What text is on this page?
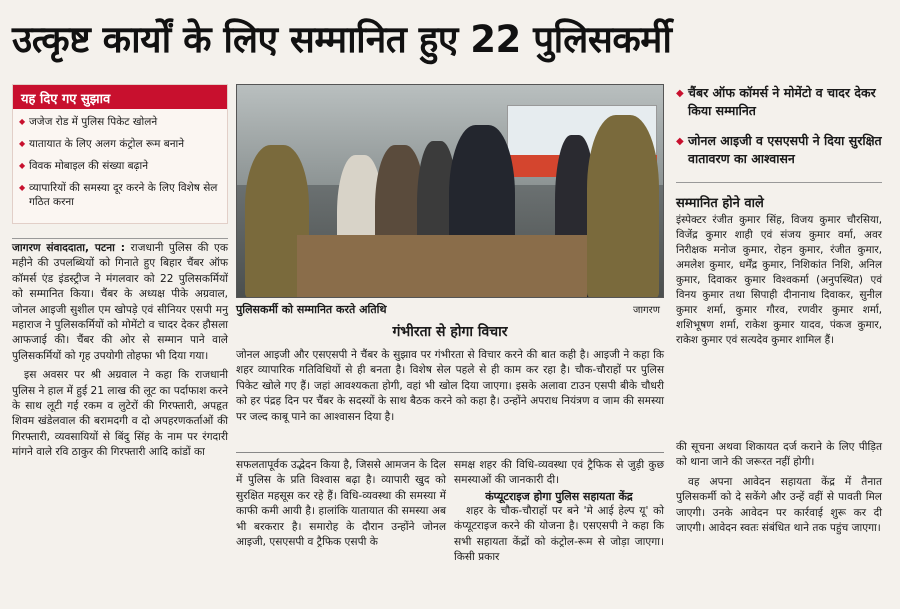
उत्कृष्ट कार्यों के लिए सम्मानित हुए 22 पुलिसकर्मी
यह दिए गए सुझाव
◆ जजेज रोड में पुलिस पिकेट खोलने
◆ यातायात के लिए अलग कंट्रोल रूम बनाने
◆ विवक मोबाइल की संख्या बढ़ाने
◆ व्यापारियों की समस्या दूर करने के लिए विशेष सेल गठित करना

जागरण संवाददाता, पटना : राजधानी पुलिस की एक महीने की उपलब्धियों को गिनाते हुए बिहार चैंबर ऑफ कॉमर्स एंड इंडस्ट्रीज ने मंगलवार को 22 पुलिसकर्मियों को सम्मानित किया। चैंबर के अध्यक्ष पीके अग्रवाल, जोनल आइजी सुशील एम खोपड़े एवं सीनियर एसपी मनु महाराज ने पुलिसकर्मियों को मोमेंटो व चादर देकर हौसला आफजाई की। चैंबर की ओर से सम्मान पाने वाले पुलिसकर्मियों को गृह उपयोगी तोहफा भी दिया गया।

इस अवसर पर श्री अग्रवाल ने कहा कि राजधानी पुलिस ने हाल में हुई 21 लाख की लूट का पर्दाफाश करने के साथ लूटी गई रकम व लुटेरों की गिरफ्तारी, अपहृत शिवम खंडेलवाल की बरामदगी व दो अपहरणकर्ताओं की गिरफ्तारी, व्यवसायियों से बिंदु सिंह के नाम पर रंगदारी मांगने वाले रवि ठाकुर की गिरफ्तारी आदि कांडों का

पुलिसकर्मी को सम्मानित करते अतिथि	जागरण
गंभीरता से होगा विचार
जोनल आइजी और एसएसपी ने चैंबर के सुझाव पर गंभीरता से विचार करने की बात कही है। आइजी ने कहा कि शहर व्यापारिक गतिविधियों से ही बनता है। विशेष सेल पहले से ही काम कर रहा है। चौक-चौराहों पर पुलिस पिकेट खोले गए हैं। जहां आवश्यकता होगी, वहां भी खोल दिया जाएगा। इसके अलावा टाउन एसपी बीके चौधरी को हर पंद्रह दिन पर चैंबर के सदस्यों के साथ बैठक करने को कहा है। उन्होंने अपराध नियंत्रण व जाम की समस्या पर जल्द काबू पाने का आश्वासन दिया है।
सफलतापूर्वक उद्भेदन किया है, जिससे आमजन के दिल में पुलिस के प्रति विश्वास बढ़ा है। व्यापारी खुद को सुरक्षित महसूस कर रहे हैं। विधि-व्यवस्था की समस्या में काफी कमी आयी है। हालांकि यातायात की समस्या अब भी बरकरार है। समारोह के दौरान उन्होंने जोनल आइजी, एसएसपी व ट्रैफिक एसपी के

समक्ष शहर की विधि-व्यवस्था एवं ट्रैफिक से जुड़ी कुछ समस्याओं की जानकारी दी।

कंप्यूटराइज होगा पुलिस सहायता केंद्र

शहर के चौक-चौराहों पर बने 'मे आई हेल्प यू' को कंप्यूटराइज करने की योजना है। एसएसपी ने कहा कि सभी सहायता केंद्रों को कंट्रोल-रूम से जोड़ा जाएगा। किसी प्रकार

◆ चैंबर ऑफ कॉमर्स ने मोमेंटो व चादर देकर किया सम्मानित
◆ जोनल आइजी व एसएसपी ने दिया सुरक्षित वातावरण का आश्वासन
सम्मानित होने वाले
इंस्पेक्टर रंजीत कुमार सिंह, विजय कुमार चौरसिया, विजेंद्र कुमार शाही एवं संजय कुमार वर्मा, अवर निरीक्षक मनोज कुमार, रोहन कुमार, रंजीत कुमार, अमलेश कुमार, धर्मेंद्र कुमार, निशिकांत निशि, अनिल कुमार, दिवाकर कुमार विश्वकर्मा (अनुपस्थित) एवं विनय कुमार तथा सिपाही दीनानाथ दिवाकर, सुनील कुमार शर्मा, कुमार गौरव, रणवीर कुमार शर्मा, शशिभूषण शर्मा, राकेश कुमार यादव, पंकज कुमार, राकेश कुमार एवं सत्यदेव कुमार शामिल हैं।

की सूचना अथवा शिकायत दर्ज कराने के लिए पीड़ित को थाना जाने की जरूरत नहीं होगी।

वह अपना आवेदन सहायता केंद्र में तैनात पुलिसकर्मी को दे सकेंगे और उन्हें वहीं से पावती मिल जाएगी। उनके आवेदन पर कार्रवाई शुरू कर दी जाएगी। आवेदन स्वतः संबंधित थाने तक पहुंच जाएगा।
